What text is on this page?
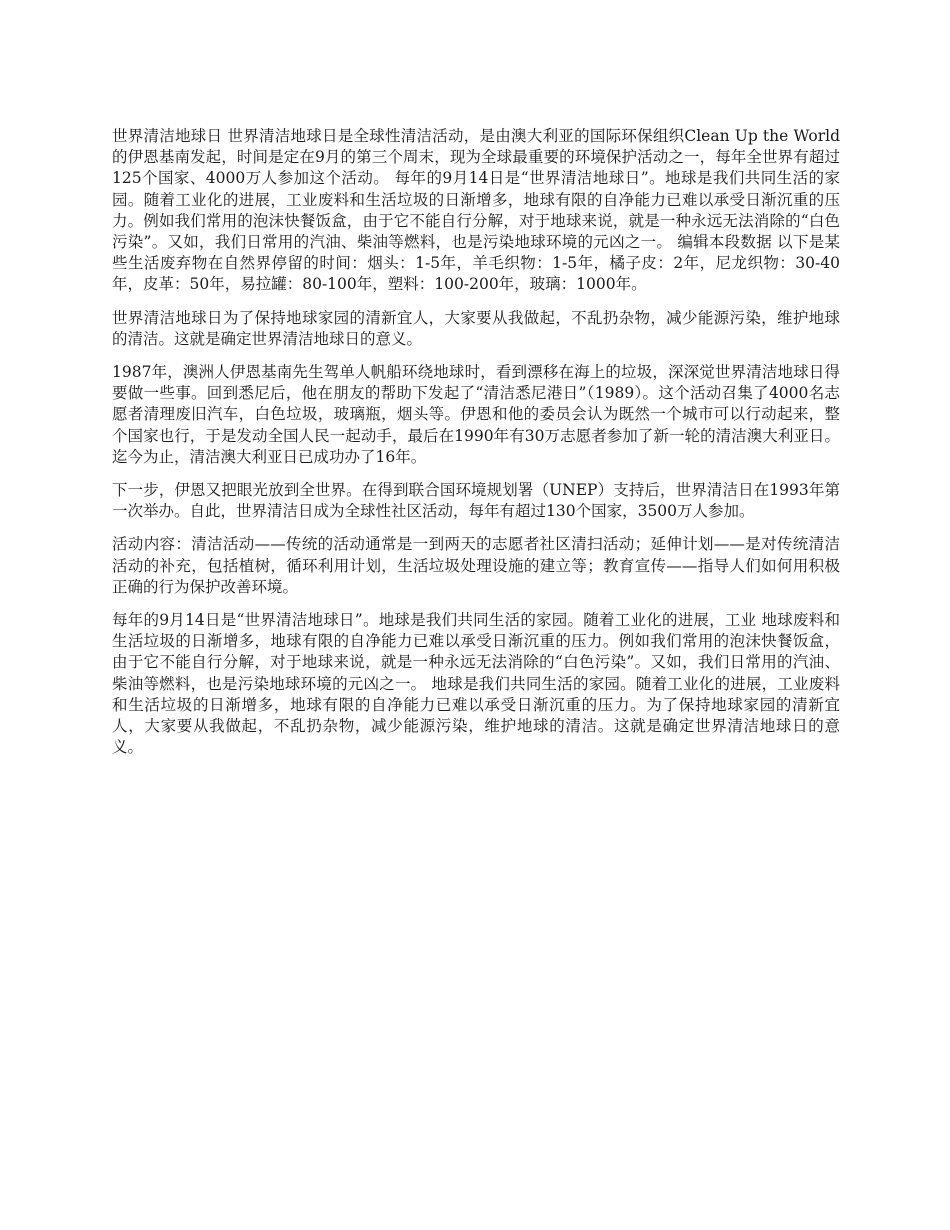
世界清洁地球日 世界清洁地球日是全球性清洁活动，是由澳大利亚的国际环保组织Clean Up the World的伊恩基南发起，时间是定在9月的第三个周末，现为全球最重要的环境保护活动之一，每年全世界有超过125个国家、4000万人参加这个活动。 每年的9月14日是“世界清洁地球日”。地球是我们共同生活的家园。随着工业化的进展，工业废料和生活垃圾的日渐增多，地球有限的自净能力已难以承受日渐沉重的压力。例如我们常用的泡沫快餐饭盒，由于它不能自行分解，对于地球来说，就是一种永远无法消除的“白色污染”。又如，我们日常用的汽油、柴油等燃料，也是污染地球环境的元凶之一。 编辑本段数据 以下是某些生活废弃物在自然界停留的时间：烟头：1-5年，羊毛织物：1-5年，橘子皮：2年，尼龙织物：30-40年，皮革：50年，易拉罐：80-100年，塑料：100-200年，玻璃：1000年。

世界清洁地球日为了保持地球家园的清新宜人，大家要从我做起，不乱扔杂物，减少能源污染，维护地球的清洁。这就是确定世界清洁地球日的意义。

1987年，澳洲人伊恩基南先生驾单人帆船环绕地球时，看到漂移在海上的垃圾，深深觉世界清洁地球日得要做一些事。回到悉尼后，他在朋友的帮助下发起了“清洁悉尼港日”（1989）。这个活动召集了4000名志愿者清理废旧汽车，白色垃圾，玻璃瓶，烟头等。伊恩和他的委员会认为既然一个城市可以行动起来，整个国家也行，于是发动全国人民一起动手，最后在1990年有30万志愿者参加了新一轮的清洁澳大利亚日。迄今为止，清洁澳大利亚日已成功办了16年。

下一步，伊恩又把眼光放到全世界。在得到联合国环境规划署（UNEP）支持后，世界清洁日在1993年第一次举办。自此，世界清洁日成为全球性社区活动，每年有超过130个国家，3500万人参加。

活动内容：清洁活动——传统的活动通常是一到两天的志愿者社区清扫活动；延伸计划——是对传统清洁活动的补充，包括植树，循环利用计划，生活垃圾处理设施的建立等；教育宣传——指导人们如何用积极正确的行为保护改善环境。

每年的9月14日是“世界清洁地球日”。地球是我们共同生活的家园。随着工业化的进展，工业 地球废料和生活垃圾的日渐增多，地球有限的自净能力已难以承受日渐沉重的压力。例如我们常用的泡沫快餐饭盒，由于它不能自行分解，对于地球来说，就是一种永远无法消除的“白色污染”。又如，我们日常用的汽油、柴油等燃料，也是污染地球环境的元凶之一。 地球是我们共同生活的家园。随着工业化的进展，工业废料和生活垃圾的日渐增多，地球有限的自净能力已难以承受日渐沉重的压力。为了保持地球家园的清新宜人，大家要从我做起，不乱扔杂物，减少能源污染，维护地球的清洁。这就是确定世界清洁地球日的意义。
